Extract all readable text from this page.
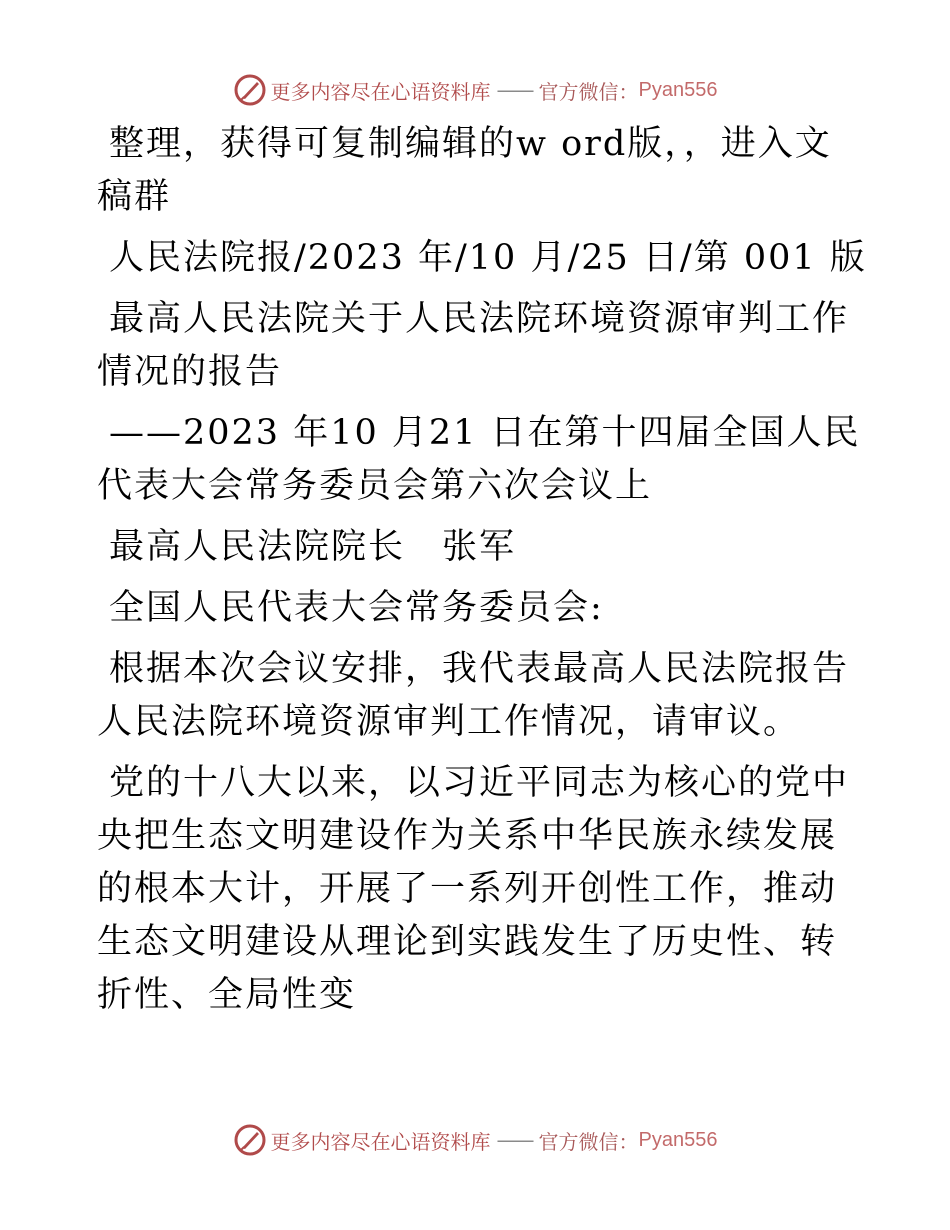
更多内容尽在心语资料库 —— 官方微信： Pyan556

整理，获得可复制编辑的w ord版，，进入文稿群

人民法院报/2023 年/10 月/25 日/第 001 版

最高人民法院关于人民法院环境资源审判工作情况的报告

——2023 年10 月21 日在第十四届全国人民代表大会常务委员会第六次会议上

最高人民法院院长　张军

全国人民代表大会常务委员会:

根据本次会议安排，我代表最高人民法院报告人民法院环境资源审判工作情况，请审议。

党的十八大以来，以习近平同志为核心的党中央把生态文明建设作为关系中华民族永续发展的根本大计，开展了一系列开创性工作，推动生态文明建设从理论到实践发生了历史性、转折性、全局性变

更多内容尽在心语资料库 —— 官方微信： Pyan556
